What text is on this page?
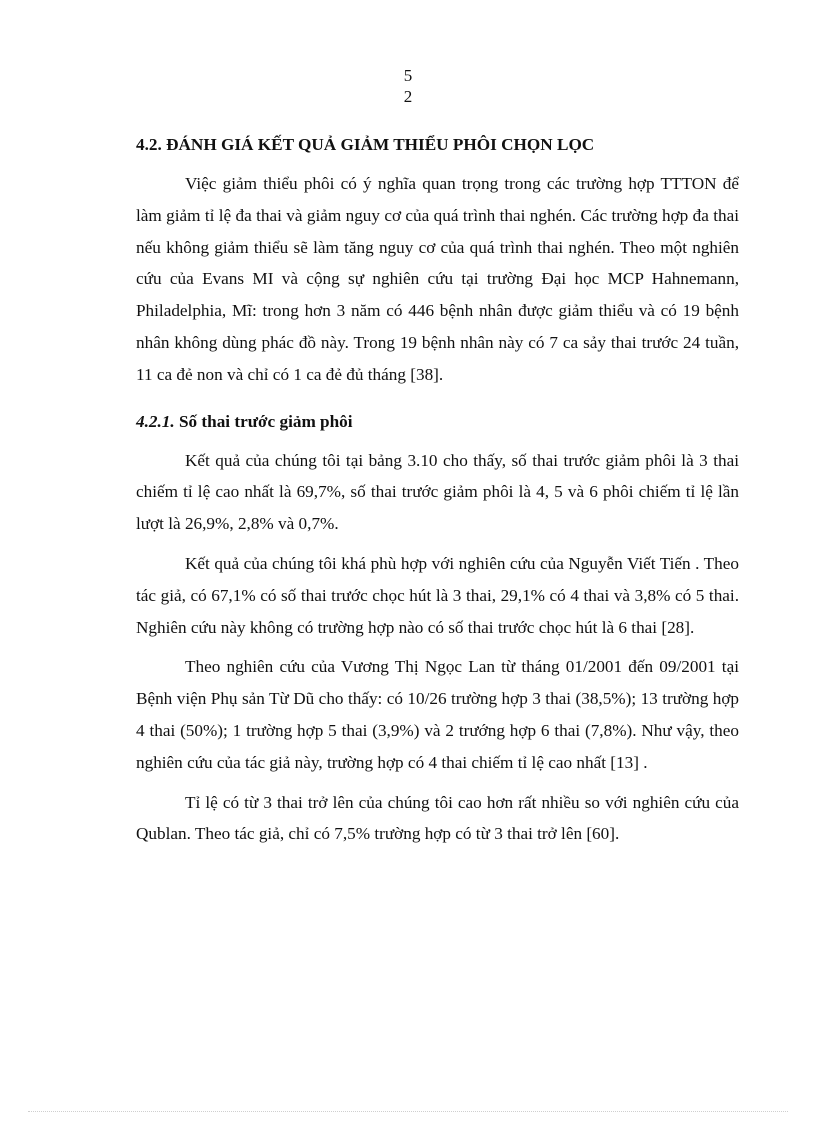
5
2
4.2. ĐÁNH GIÁ KẾT QUẢ GIẢM THIỂU PHÔI CHỌN LỌC

Việc giảm thiểu phôi có ý nghĩa quan trọng trong các trường hợp TTTON để làm giảm tỉ lệ đa thai và giảm nguy cơ của quá trình thai nghén. Các trường hợp đa thai nếu không giảm thiểu sẽ làm tăng nguy cơ của quá trình thai nghén. Theo một nghiên cứu của Evans MI và cộng sự nghiên cứu tại trường Đại học MCP Hahnemann, Philadelphia, Mĩ: trong hơn 3 năm có 446 bệnh nhân được giảm thiểu và có 19 bệnh nhân không dùng phác đồ này. Trong 19 bệnh nhân này có 7 ca sảy thai trước 24 tuần, 11 ca đẻ non và chỉ có 1 ca đẻ đủ tháng [38].

4.2.1. Số thai trước giảm phôi

Kết quả của chúng tôi tại bảng 3.10 cho thấy, số thai trước giảm phôi là 3 thai chiếm tỉ lệ cao nhất là 69,7%, số thai trước giảm phôi là 4, 5 và 6 phôi chiếm tỉ lệ lần lượt là 26,9%, 2,8% và 0,7%.

Kết quả của chúng tôi khá phù hợp với nghiên cứu của Nguyễn Viết Tiến . Theo tác giả, có 67,1% có số thai trước chọc hút là 3 thai, 29,1% có 4 thai và 3,8% có 5 thai. Nghiên cứu này không có trường hợp nào có số thai trước chọc hút là 6 thai [28].

Theo nghiên cứu của Vương Thị Ngọc Lan từ tháng 01/2001 đến 09/2001 tại Bệnh viện Phụ sản Từ Dũ cho thấy: có 10/26 trường hợp 3 thai (38,5%); 13 trường hợp 4 thai (50%); 1 trường hợp 5 thai (3,9%) và 2 trướng hợp 6 thai (7,8%). Như vậy, theo nghiên cứu của tác giả này, trường hợp có 4 thai chiếm tỉ lệ cao nhất [13] .

Tỉ lệ có từ 3 thai trở lên của chúng tôi cao hơn rất nhiều so với nghiên cứu của Qublan. Theo tác giả, chỉ có 7,5% trường hợp có từ 3 thai trở lên [60].
